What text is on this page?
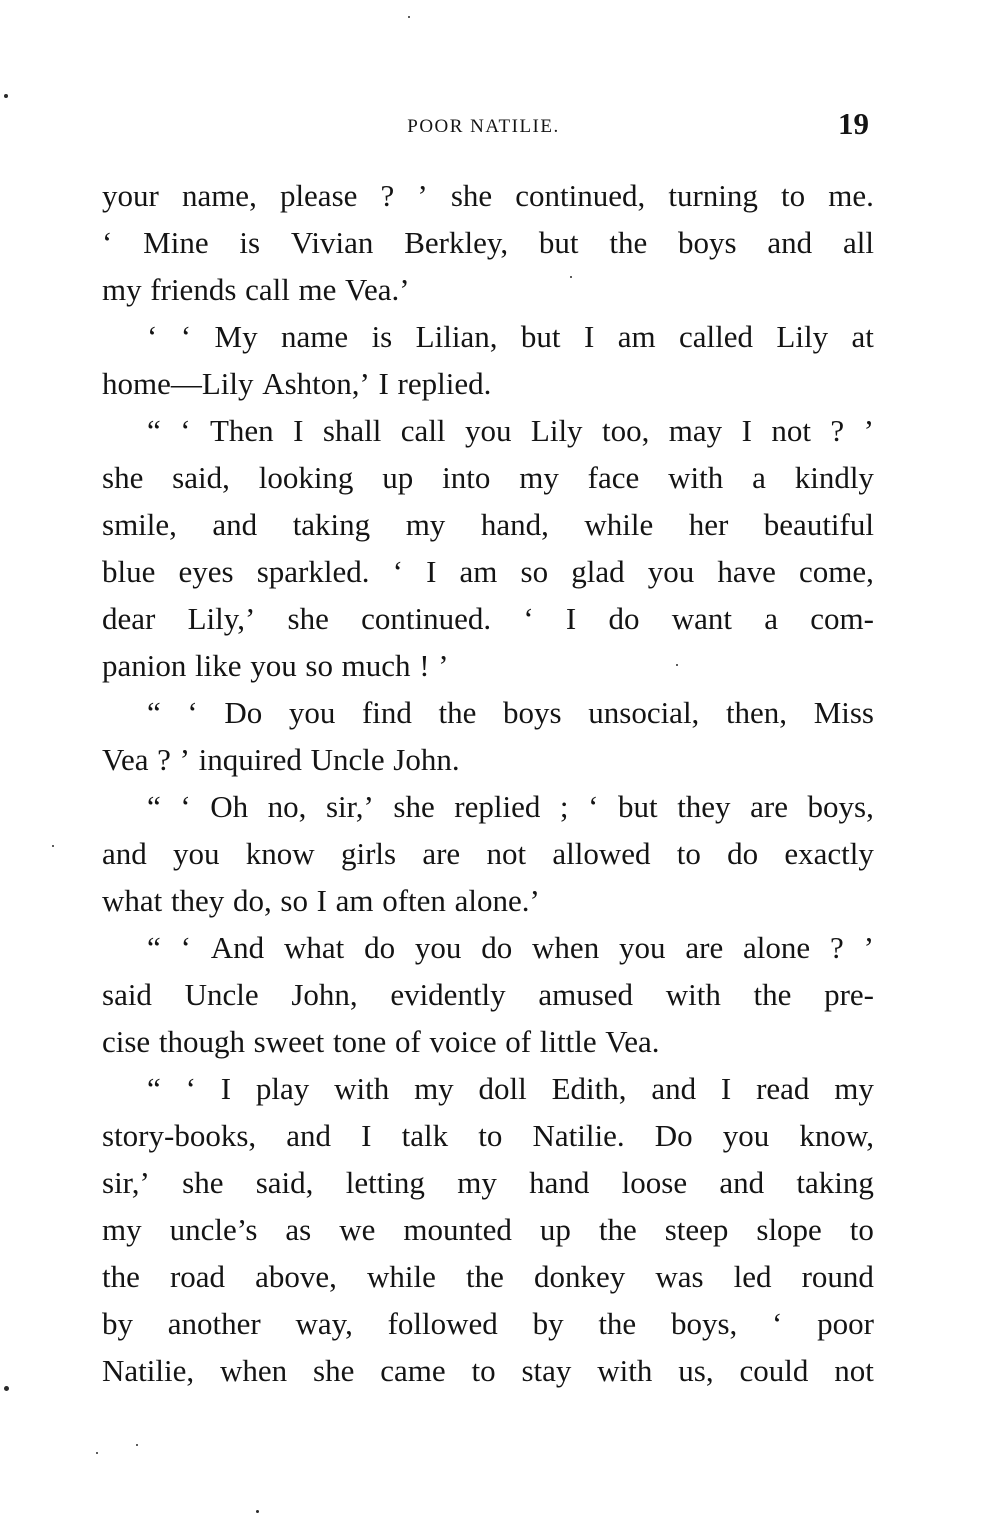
POOR NATILIE.	19
your name, please ? ’ she continued, turning to me.
‘ Mine is Vivian Berkley, but the boys and all
my friends call me Vea.’
‘ ‘ My name is Lilian, but I am called Lily at
home—Lily Ashton,’ I replied.
“ ‘ Then I shall call you Lily too, may I not ? ’
she said, looking up into my face with a kindly
smile, and taking my hand, while her beautiful
blue eyes sparkled. ‘ I am so glad you have come,
dear Lily,’ she continued. ‘ I do want a com-
panion like you so much ! ’
“ ‘ Do you find the boys unsocial, then, Miss
Vea ? ’ inquired Uncle John.
“ ‘ Oh no, sir,’ she replied ; ‘ but they are boys,
and you know girls are not allowed to do exactly
what they do, so I am often alone.’
“ ‘ And what do you do when you are alone ? ’
said Uncle John, evidently amused with the pre-
cise though sweet tone of voice of little Vea.
“ ‘ I play with my doll Edith, and I read my
story-books, and I talk to Natilie. Do you know,
sir,’ she said, letting my hand loose and taking
my uncle’s as we mounted up the steep slope to
the road above, while the donkey was led round
by another way, followed by the boys, ‘ poor
Natilie, when she came to stay with us, could not
